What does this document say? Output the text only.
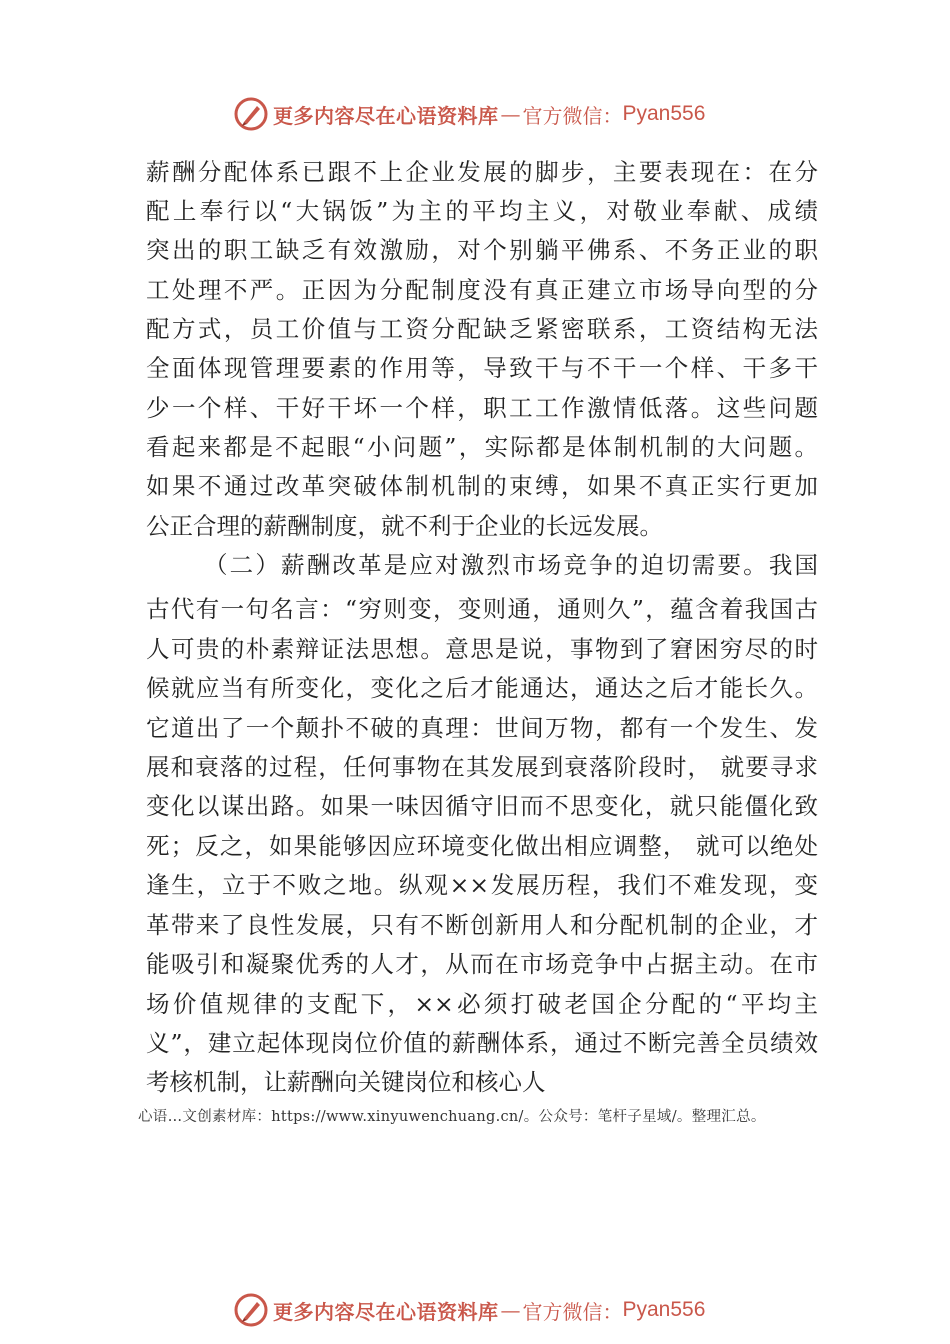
更多内容尽在心语资料库 — 官方微信： Pyan556
薪酬分配体系已跟不上企业发展的脚步，主要表现在：在分
配上奉行以“大锅饭”为主的平均主义，对敬业奉献、成绩
突出的职工缺乏有效激励，对个别躺平佛系、不务正业的职
工处理不严。正因为分配制度没有真正建立市场导向型的分
配方式，员工价值与工资分配缺乏紧密联系，工资结构无法
全面体现管理要素的作用等，导致干与不干一个样、干多干
少一个样、干好干坏一个样，职工工作激情低落。这些问题
看起来都是不起眼“小问题”，实际都是体制机制的大问题。
如果不通过改革突破体制机制的束缚，如果不真正实行更加
公正合理的薪酬制度，就不利于企业的长远发展。
（二）薪酬改革是应对激烈市场竞争的迫切需要。我国
古代有一句名言：“穷则变，变则通，通则久”，蕴含着我国古
人可贵的朴素辩证法思想。意思是说，事物到了窘困穷尽的时
候就应当有所变化，变化之后才能通达，通达之后才能长久。
它道出了一个颠扑不破的真理：世间万物，都有一个发生、发
展和衰落的过程，任何事物在其发展到衰落阶段时， 就要寻求
变化以谋出路。如果一味因循守旧而不思变化，就只能僵化致
死；反之，如果能够因应环境变化做出相应调整， 就可以绝处
逢生，立于不败之地。纵观××发展历程，我们不难发现，变
革带来了良性发展，只有不断创新用人和分配机制的企业，才
能吸引和凝聚优秀的人才，从而在市场竞争中占据主动。在市
场价值规律的支配下，××必须打破老国企分配的“平均主
义”，建立起体现岗位价值的薪酬体系，通过不断完善全员绩效
考核机制，让薪酬向关键岗位和核心人
心语…文创素材库：https://www.xinyuwenchuang.cn/。公众号：笔杆子星域/。整理汇总。
更多内容尽在心语资料库 — 官方微信： Pyan556
